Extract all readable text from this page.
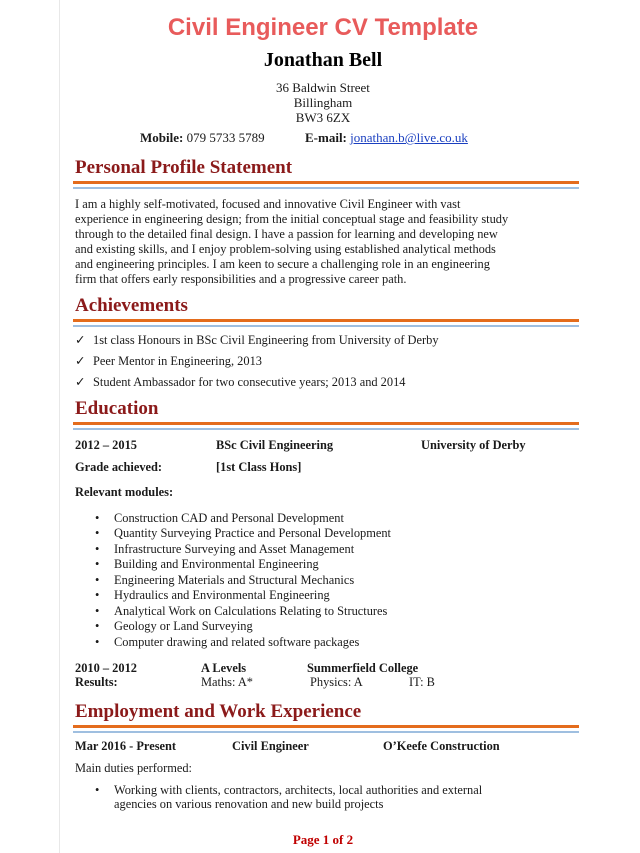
Civil Engineer CV Template
Jonathan Bell
36 Baldwin Street
Billingham
BW3 6ZX
Mobile: 079 5733 5789	E-mail: jonathan.b@live.co.uk
Personal Profile Statement
I am a highly self-motivated, focused and innovative Civil Engineer with vast
experience in engineering design; from the initial conceptual stage and feasibility study
through to the detailed final design. I have a passion for learning and developing new
and existing skills, and I enjoy problem-solving using established analytical methods
and engineering principles. I am keen to secure a challenging role in an engineering
firm that offers early responsibilities and a progressive career path.
Achievements
✓ 1st class Honours in BSc Civil Engineering from University of Derby
✓ Peer Mentor in Engineering, 2013
✓ Student Ambassador for two consecutive years; 2013 and 2014
Education
2012 – 2015	BSc Civil Engineering	University of Derby
Grade achieved:	[1st Class Hons]
Relevant modules:
• Construction CAD and Personal Development
• Quantity Surveying Practice and Personal Development
• Infrastructure Surveying and Asset Management
• Building and Environmental Engineering
• Engineering Materials and Structural Mechanics
• Hydraulics and Environmental Engineering
• Analytical Work on Calculations Relating to Structures
• Geology or Land Surveying
• Computer drawing and related software packages
2010 – 2012	A Levels	Summerfield College
Results:	Maths: A*	Physics: A	IT: B
Employment and Work Experience
Mar 2016 - Present	Civil Engineer	O’Keefe Construction
Main duties performed:
• Working with clients, contractors, architects, local authorities and external
agencies on various renovation and new build projects
Page 1 of 2
